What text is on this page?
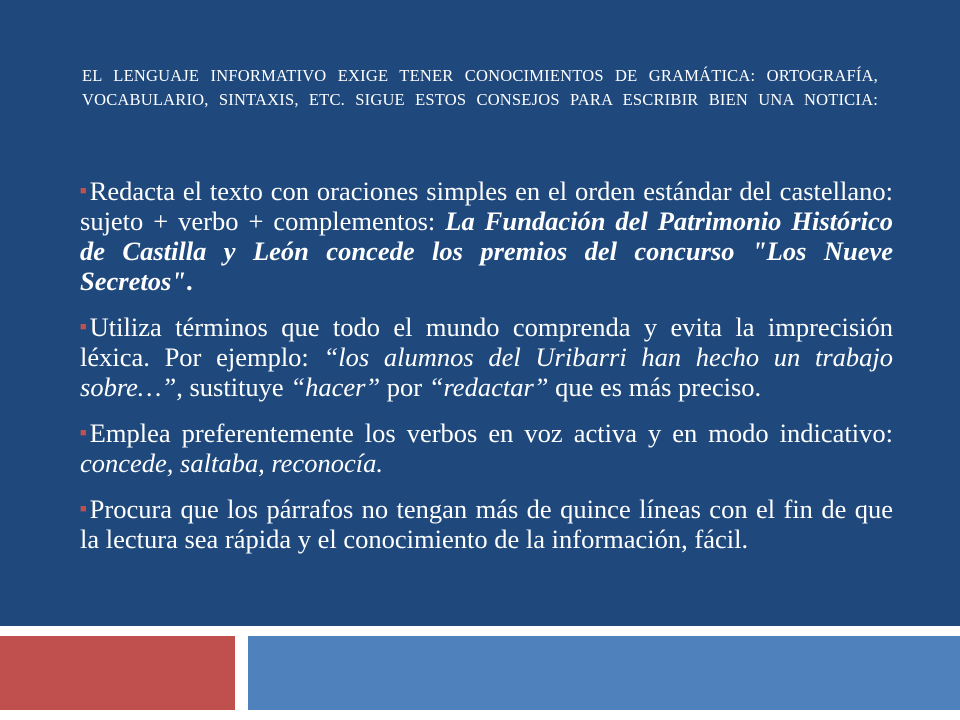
EL LENGUAJE INFORMATIVO EXIGE TENER CONOCIMIENTOS DE GRAMÁTICA: ORTOGRAFÍA, VOCABULARIO, SINTAXIS, ETC. SIGUE ESTOS CONSEJOS PARA ESCRIBIR BIEN UNA NOTICIA:
■ Redacta el texto con oraciones simples en el orden estándar del castellano: sujeto + verbo + complementos: La Fundación del Patrimonio Histórico de Castilla y León concede los premios del concurso "Los Nueve Secretos".
■ Utiliza términos que todo el mundo comprenda y evita la imprecisión léxica. Por ejemplo: “los alumnos del Uribarri han hecho un trabajo sobre…”, sustituye “hacer” por “redactar” que es más preciso.
■ Emplea preferentemente los verbos en voz activa y en modo indicativo: concede, saltaba, reconocía.
■ Procura que los párrafos no tengan más de quince líneas con el fin de que la lectura sea rápida y el conocimiento de la información, fácil.
